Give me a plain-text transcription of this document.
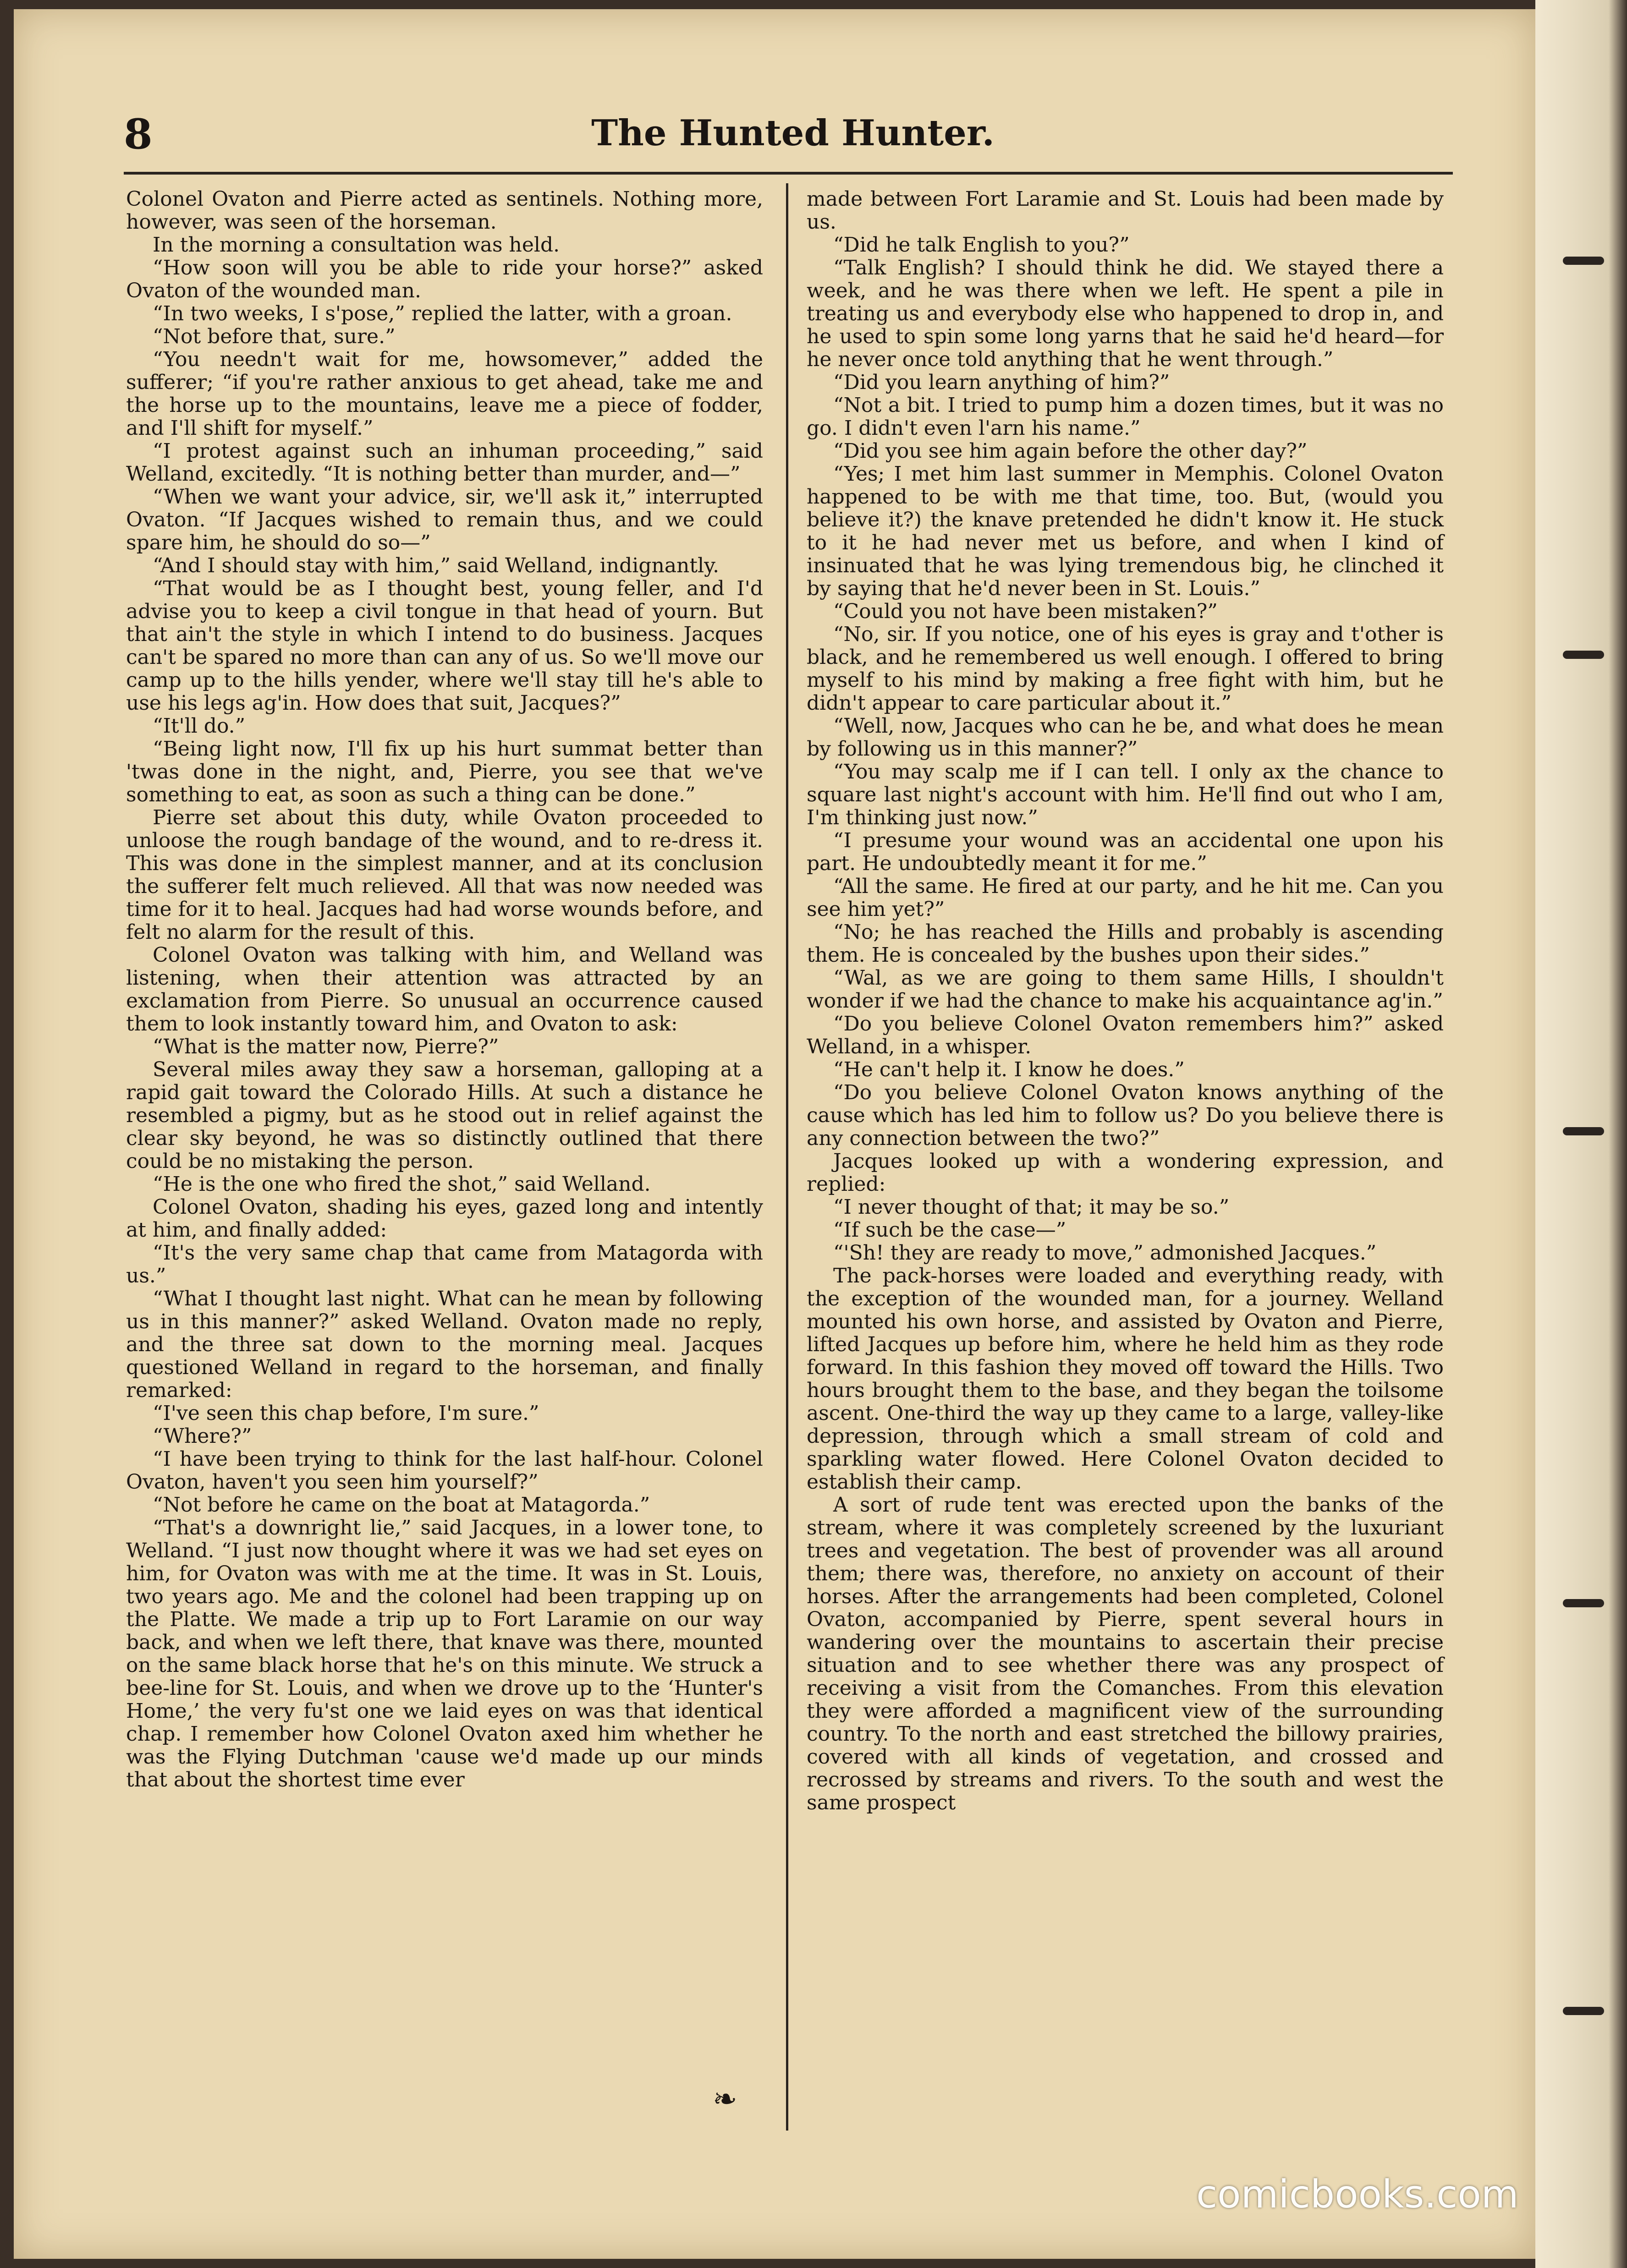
8	The Hunted Hunter.

Colonel Ovaton and Pierre acted as sentinels. Nothing more, however, was seen of the horseman.

In the morning a consultation was held.

“How soon will you be able to ride your horse?” asked Ovaton of the wounded man.

“In two weeks, I s'pose,” replied the latter, with a groan.

“Not before that, sure.”

“You needn't wait for me, howsomever,” added the sufferer; “if you're rather anxious to get ahead, take me and the horse up to the mountains, leave me a piece of fodder, and I'll shift for myself.”

“I protest against such an inhuman proceeding,” said Welland, excitedly. “It is nothing better than murder, and—”

“When we want your advice, sir, we'll ask it,” interrupted Ovaton. “If Jacques wished to remain thus, and we could spare him, he should do so—”

“And I should stay with him,” said Welland, indignantly.

“That would be as I thought best, young feller, and I'd advise you to keep a civil tongue in that head of yourn. But that ain't the style in which I intend to do business. Jacques can't be spared no more than can any of us. So we'll move our camp up to the hills yender, where we'll stay till he's able to use his legs ag'in. How does that suit, Jacques?”

“It'll do.”

“Being light now, I'll fix up his hurt summat better than 'twas done in the night, and, Pierre, you see that we've something to eat, as soon as such a thing can be done.”

Pierre set about this duty, while Ovaton proceeded to unloose the rough bandage of the wound, and to re-dress it. This was done in the simplest manner, and at its conclusion the sufferer felt much relieved. All that was now needed was time for it to heal. Jacques had had worse wounds before, and felt no alarm for the result of this.

Colonel Ovaton was talking with him, and Welland was listening, when their attention was attracted by an exclamation from Pierre. So unusual an occurrence caused them to look instantly toward him, and Ovaton to ask:

“What is the matter now, Pierre?”

Several miles away they saw a horseman, galloping at a rapid gait toward the Colorado Hills. At such a distance he resembled a pigmy, but as he stood out in relief against the clear sky beyond, he was so distinctly outlined that there could be no mistaking the person.

“He is the one who fired the shot,” said Welland.

Colonel Ovaton, shading his eyes, gazed long and intently at him, and finally added:

“It's the very same chap that came from Matagorda with us.”

“What I thought last night. What can he mean by following us in this manner?” asked Welland. Ovaton made no reply, and the three sat down to the morning meal. Jacques questioned Welland in regard to the horseman, and finally remarked:

“I've seen this chap before, I'm sure.”

“Where?”

“I have been trying to think for the last half-hour. Colonel Ovaton, haven't you seen him yourself?”

“Not before he came on the boat at Matagorda.”

“That's a downright lie,” said Jacques, in a lower tone, to Welland. “I just now thought where it was we had set eyes on him, for Ovaton was with me at the time. It was in St. Louis, two years ago. Me and the colonel had been trapping up on the Platte. We made a trip up to Fort Laramie on our way back, and when we left there, that knave was there, mounted on the same black horse that he's on this minute. We struck a bee-line for St. Louis, and when we drove up to the ‘Hunter's Home,’ the very fu'st one we laid eyes on was that identical chap. I remember how Colonel Ovaton axed him whether he was the Flying Dutchman 'cause we'd made up our minds that about the shortest time ever

made between Fort Laramie and St. Louis had been made by us.

“Did he talk English to you?”

“Talk English? I should think he did. We stayed there a week, and he was there when we left. He spent a pile in treating us and everybody else who happened to drop in, and he used to spin some long yarns that he said he'd heard—for he never once told anything that he went through.”

“Did you learn anything of him?”

“Not a bit. I tried to pump him a dozen times, but it was no go. I didn't even l'arn his name.”

“Did you see him again before the other day?”

“Yes; I met him last summer in Memphis. Colonel Ovaton happened to be with me that time, too. But, (would you believe it?) the knave pretended he didn't know it. He stuck to it he had never met us before, and when I kind of insinuated that he was lying tremendous big, he clinched it by saying that he'd never been in St. Louis.”

“Could you not have been mistaken?”

“No, sir. If you notice, one of his eyes is gray and t'other is black, and he remembered us well enough. I offered to bring myself to his mind by making a free fight with him, but he didn't appear to care particular about it.”

“Well, now, Jacques who can he be, and what does he mean by following us in this manner?”

“You may scalp me if I can tell. I only ax the chance to square last night's account with him. He'll find out who I am, I'm thinking just now.”

“I presume your wound was an accidental one upon his part. He undoubtedly meant it for me.”

“All the same. He fired at our party, and he hit me. Can you see him yet?”

“No; he has reached the Hills and probably is ascending them. He is concealed by the bushes upon their sides.”

“Wal, as we are going to them same Hills, I shouldn't wonder if we had the chance to make his acquaintance ag'in.”

“Do you believe Colonel Ovaton remembers him?” asked Welland, in a whisper.

“He can't help it. I know he does.”

“Do you believe Colonel Ovaton knows anything of the cause which has led him to follow us? Do you believe there is any connection between the two?”

Jacques looked up with a wondering expression, and replied:

“I never thought of that; it may be so.”

“If such be the case—”

“'Sh! they are ready to move,” admonished Jacques.”

The pack-horses were loaded and everything ready, with the exception of the wounded man, for a journey. Welland mounted his own horse, and assisted by Ovaton and Pierre, lifted Jacques up before him, where he held him as they rode forward. In this fashion they moved off toward the Hills. Two hours brought them to the base, and they began the toilsome ascent. One-third the way up they came to a large, valley-like depression, through which a small stream of cold and sparkling water flowed. Here Colonel Ovaton decided to establish their camp.

A sort of rude tent was erected upon the banks of the stream, where it was completely screened by the luxuriant trees and vegetation. The best of provender was all around them; there was, therefore, no anxiety on account of their horses. After the arrangements had been completed, Colonel Ovaton, accompanied by Pierre, spent several hours in wandering over the mountains to ascertain their precise situation and to see whether there was any prospect of receiving a visit from the Comanches. From this elevation they were afforded a magnificent view of the surrounding country. To the north and east stretched the billowy prairies, covered with all kinds of vegetation, and crossed and recrossed by streams and rivers. To the south and west the same prospect

❧
comicbooks.com
